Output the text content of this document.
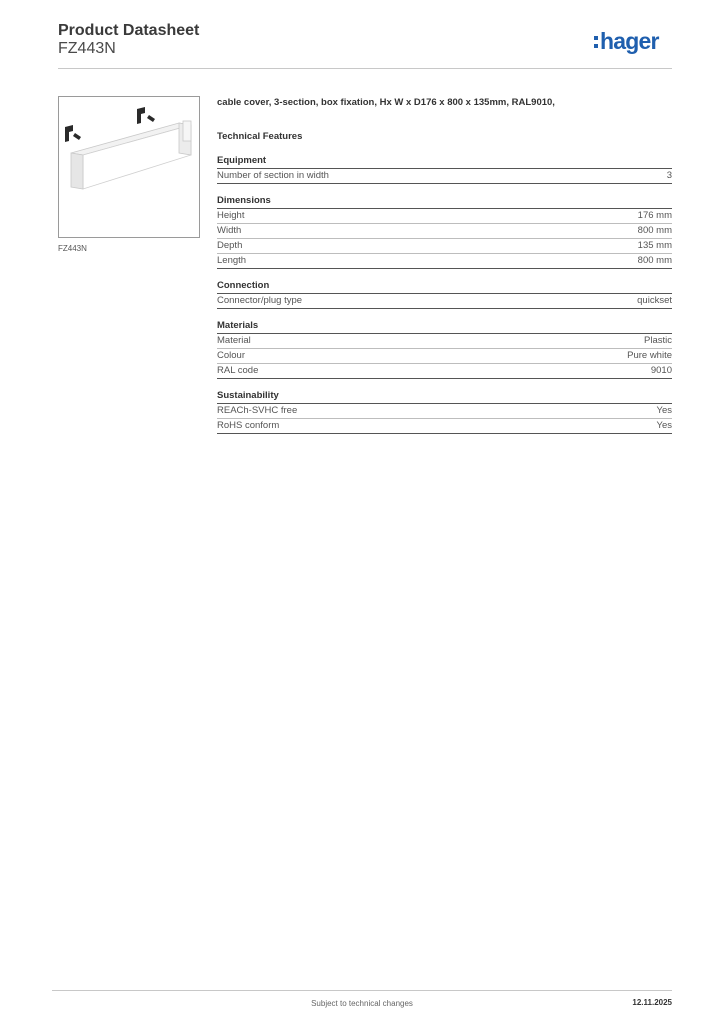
Product Datasheet
FZ443N	hager
FZ443N
cable cover, 3-section, box fixation, Hx W x D176 x 800 x 135mm, RAL9010,
Technical Features
Equipment
Number of section in width	3
Dimensions
Height	176 mm
Width	800 mm
Depth	135 mm
Length	800 mm
Connection
Connector/plug type	quickset
Materials
Material	Plastic
Colour	Pure white
RAL code	9010
Sustainability
REACh-SVHC free	Yes
RoHS conform	Yes
Subject to technical changes	12.11.2025
